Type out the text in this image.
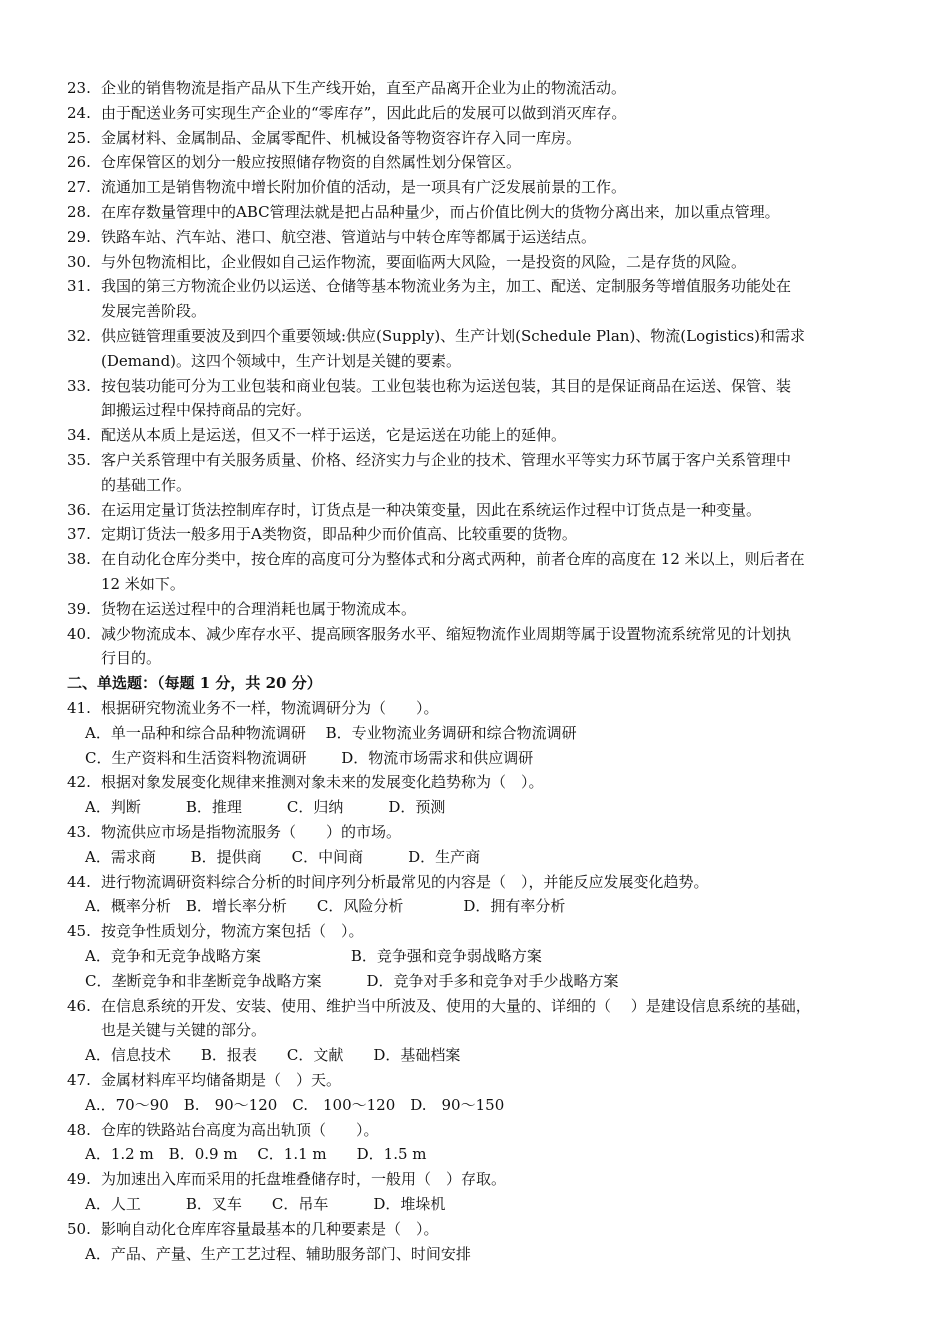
23. 企业的销售物流是指产品从下生产线开始，直至产品离开企业为止的物流活动。
24. 由于配送业务可实现生产企业的“零库存”，因此此后的发展可以做到消灭库存。
25. 金属材料、金属制品、金属零配件、机械设备等物资容许存入同一库房。
26. 仓库保管区的划分一般应按照储存物资的自然属性划分保管区。
27. 流通加工是销售物流中增长附加价值的活动，是一项具有广泛发展前景的工作。
28. 在库存数量管理中的ABC管理法就是把占品种量少，而占价值比例大的货物分离出来，加以重点管理。
29. 铁路车站、汽车站、港口、航空港、管道站与中转仓库等都属于运送结点。
30. 与外包物流相比，企业假如自己运作物流，要面临两大风险，一是投资的风险，二是存货的风险。
31. 我国的第三方物流企业仍以运送、仓储等基本物流业务为主，加工、配送、定制服务等增值服务功能处在
发展完善阶段。
32. 供应链管理重要波及到四个重要领域:供应(Supply)、生产计划(Schedule Plan)、物流(Logistics)和需求
(Demand)。这四个领域中，生产计划是关键的要素。
33. 按包装功能可分为工业包装和商业包装。工业包装也称为运送包装，其目的是保证商品在运送、保管、装
卸搬运过程中保持商品的完好。
34. 配送从本质上是运送，但又不一样于运送，它是运送在功能上的延伸。
35. 客户关系管理中有关服务质量、价格、经济实力与企业的技术、管理水平等实力环节属于客户关系管理中
的基础工作。
36. 在运用定量订货法控制库存时，订货点是一种决策变量，因此在系统运作过程中订货点是一种变量。
37. 定期订货法一般多用于A类物资，即品种少而价值高、比较重要的货物。
38. 在自动化仓库分类中，按仓库的高度可分为整体式和分离式两种，前者仓库的高度在 12 米以上，则后者在
12 米如下。
39. 货物在运送过程中的合理消耗也属于物流成本。
40. 减少物流成本、减少库存水平、提高顾客服务水平、缩短物流作业周期等属于设置物流系统常见的计划执
行目的。
二、单选题：（每题 1 分，共 20 分）
41. 根据研究物流业务不一样，物流调研分为（　　）。
A．单一品种和综合品种物流调研　 B．专业物流业务调研和综合物流调研
C．生产资料和生活资料物流调研　　 D．物流市场需求和供应调研
42. 根据对象发展变化规律来推测对象未来的发展变化趋势称为（　）。
A．判断　　　B．推理　　　C．归纳　　　D．预测
43. 物流供应市场是指物流服务（　　）的市场。
A．需求商　　 B．提供商　　C．中间商　　　D．生产商
44. 进行物流调研资料综合分析的时间序列分析最常见的内容是（　），并能反应发展变化趋势。
A．概率分析　B．增长率分析　　C．风险分析　　　　D．拥有率分析
45. 按竞争性质划分，物流方案包括（　）。
A．竞争和无竞争战略方案　　　　　　B．竞争强和竞争弱战略方案
C．垄断竞争和非垄断竞争战略方案　　　D．竞争对手多和竞争对手少战略方案
46. 在信息系统的开发、安装、使用、维护当中所波及、使用的大量的、详细的（　 ）是建设信息系统的基础，
也是关键与关键的部分。
A．信息技术　　B．报表　　C．文献　　D．基础档案
47. 金属材料库平均储备期是（　）天。
A.．70～90　B.　90～120　C.　100～120　D.　90～150
48. 仓库的铁路站台高度为高出轨顶（　　）。
A．1.2 m　B．0.9 m　 C．1.1 m　　D．1.5 m
49. 为加速出入库而采用的托盘堆叠储存时，一般用（　）存取。
A．人工　　　B．叉车　　C．吊车　　　D．堆垛机
50. 影响自动化仓库库容量最基本的几种要素是（　）。
A．产品、产量、生产工艺过程、辅助服务部门、时间安排
